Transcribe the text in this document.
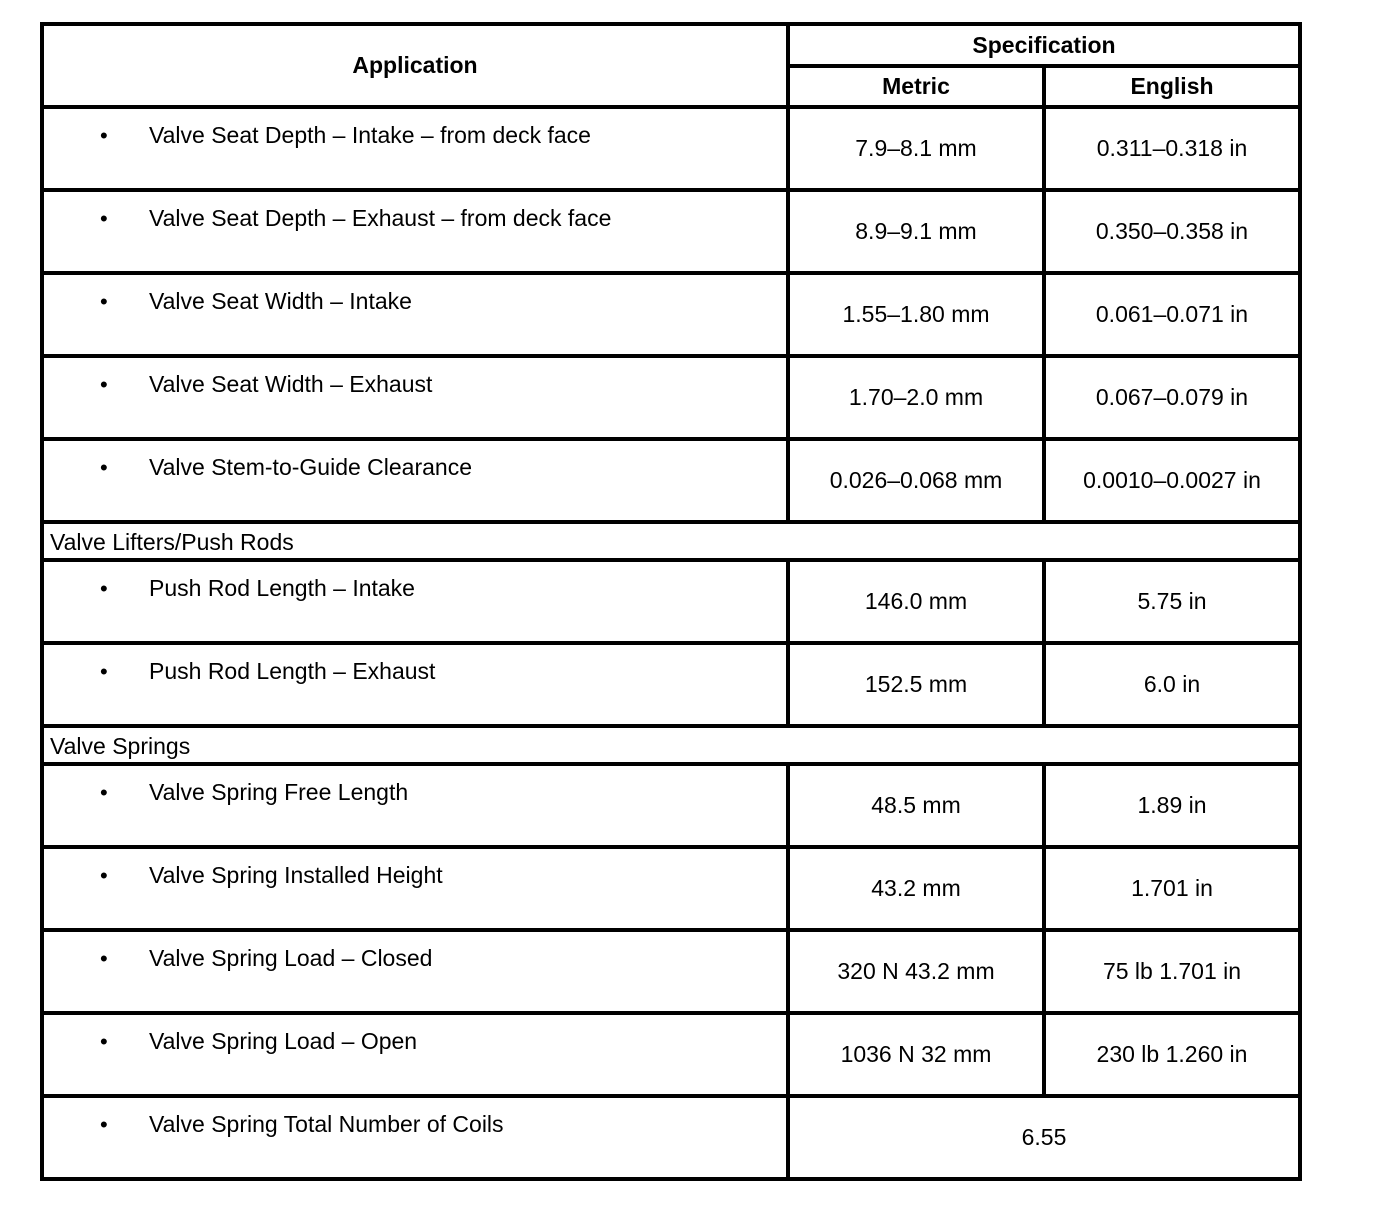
Application	Specification	
	Metric	English

• Valve Seat Depth – Intake – from deck face	7.9–8.1 mm	0.311–0.318 in

• Valve Seat Depth – Exhaust – from deck face	8.9–9.1 mm	0.350–0.358 in

• Valve Seat Width – Intake	1.55–1.80 mm	0.061–0.071 in

• Valve Seat Width – Exhaust	1.70–2.0 mm	0.067–0.079 in

• Valve Stem-to-Guide Clearance	0.026–0.068 mm	0.0010–0.0027 in
Valve Lifters/Push Rods		

• Push Rod Length – Intake	146.0 mm	5.75 in

• Push Rod Length – Exhaust	152.5 mm	6.0 in
Valve Springs		

• Valve Spring Free Length	48.5 mm	1.89 in

• Valve Spring Installed Height	43.2 mm	1.701 in

• Valve Spring Load – Closed	320 N 43.2 mm	75 lb 1.701 in

• Valve Spring Load – Open	1036 N 32 mm	230 lb 1.260 in

• Valve Spring Total Number of Coils	6.55	
